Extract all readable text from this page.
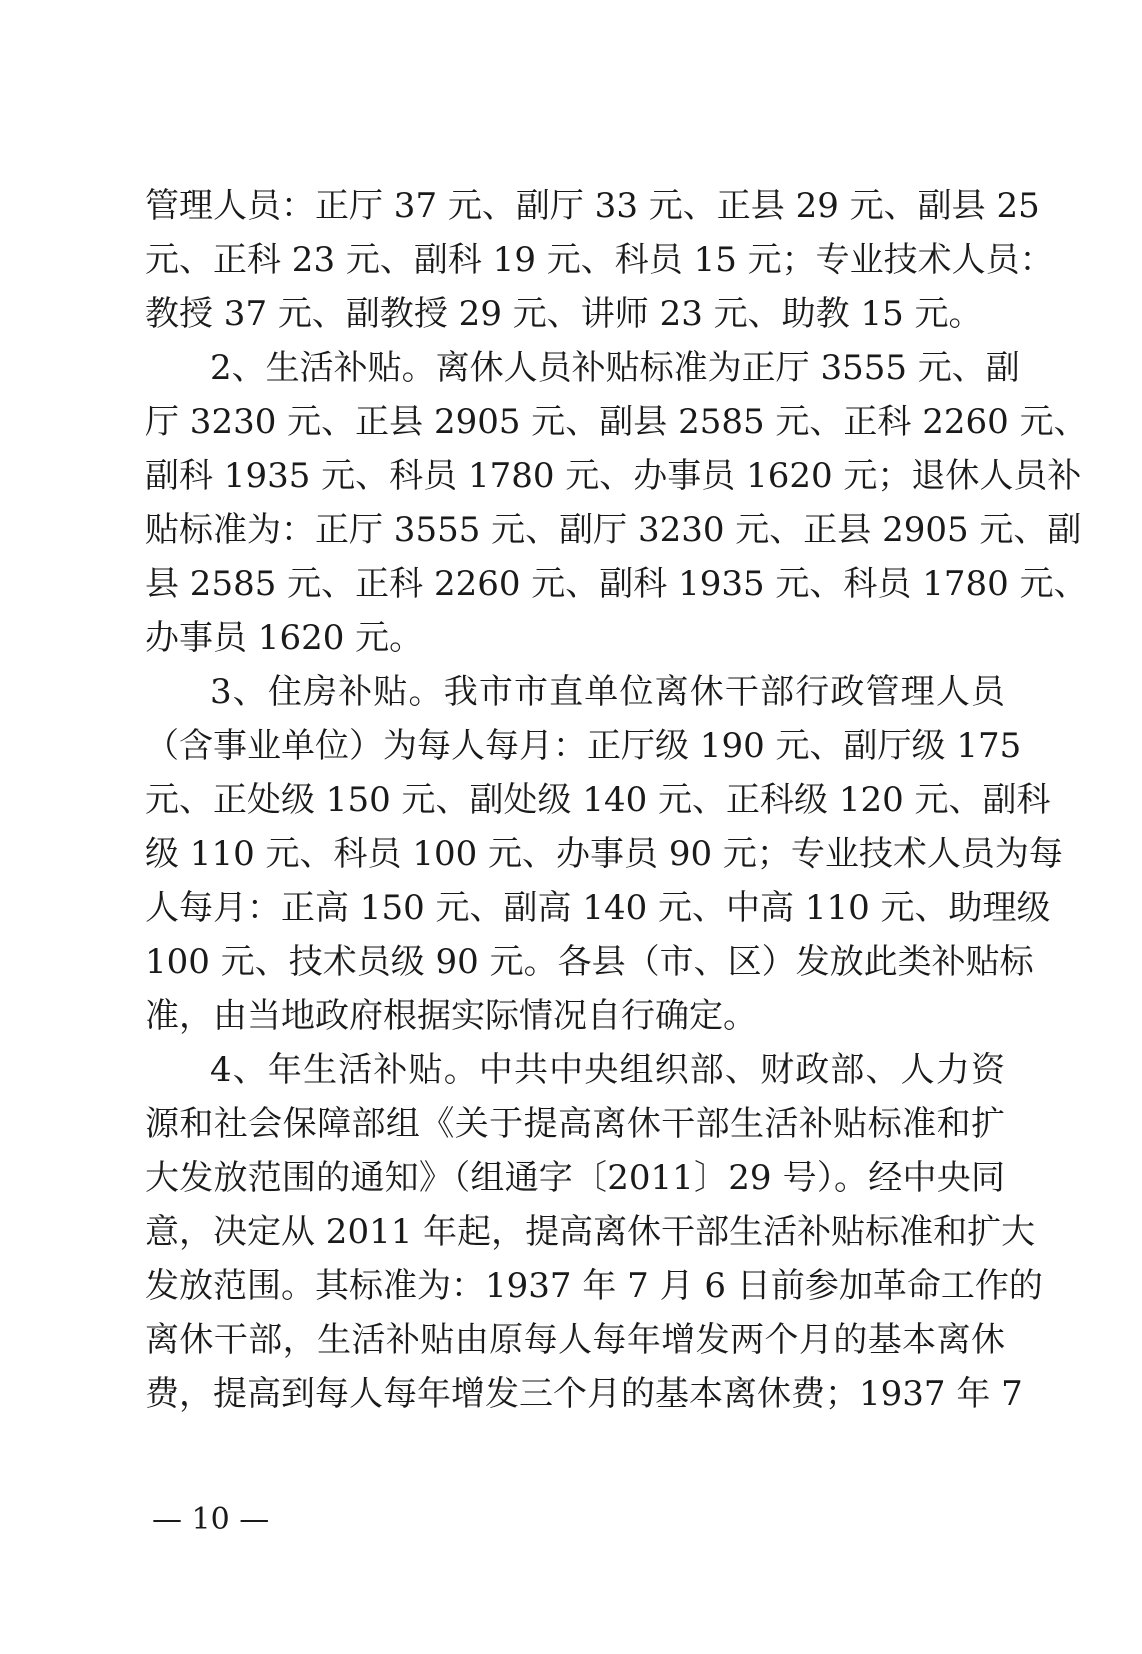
管理人员：正厅 37 元、副厅 33 元、正县 29 元、副县 25
元、正科 23 元、副科 19 元、科员 15 元；专业技术人员：
教授 37 元、副教授 29 元、讲师 23 元、助教 15 元。
2、生活补贴。离休人员补贴标准为正厅 3555 元、副
厅 3230 元、正县 2905 元、副县 2585 元、正科 2260 元、
副科 1935 元、科员 1780 元、办事员 1620 元；退休人员补
贴标准为：正厅 3555 元、副厅 3230 元、正县 2905 元、副
县 2585 元、正科 2260 元、副科 1935 元、科员 1780 元、
办事员 1620 元。
3、住房补贴。我市市直单位离休干部行政管理人员
（含事业单位）为每人每月：正厅级 190 元、副厅级 175
元、正处级 150 元、副处级 140 元、正科级 120 元、副科
级 110 元、科员 100 元、办事员 90 元；专业技术人员为每
人每月：正高 150 元、副高 140 元、中高 110 元、助理级
100 元、技术员级 90 元。各县（市、区）发放此类补贴标
准，由当地政府根据实际情况自行确定。
4、年生活补贴。中共中央组织部、财政部、人力资
源和社会保障部组《关于提高离休干部生活补贴标准和扩
大发放范围的通知》（组通字〔2011〕29 号）。经中央同
意，决定从 2011 年起，提高离休干部生活补贴标准和扩大
发放范围。其标准为：1937 年 7 月 6 日前参加革命工作的
离休干部，生活补贴由原每人每年增发两个月的基本离休
费，提高到每人每年增发三个月的基本离休费；1937 年 7
— 10 —
